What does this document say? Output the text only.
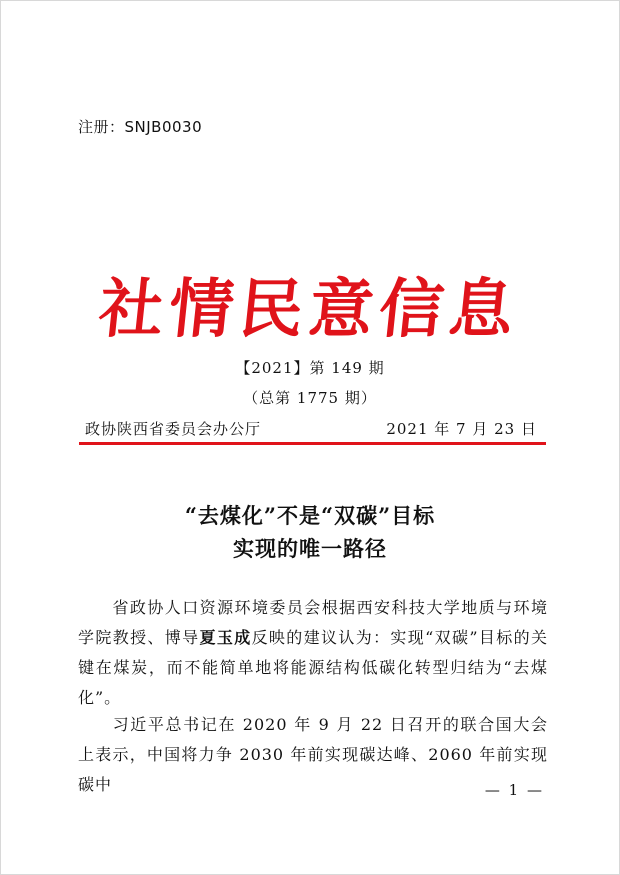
注册：SNJB0030
社情民意信息
【2021】第 149 期
（总第 1775 期）
政协陕西省委员会办公厅	2021 年 7 月 23 日
“去煤化”不是“双碳”目标
实现的唯一路径

省政协人口资源环境委员会根据西安科技大学地质与环境学院教授、博导夏玉成反映的建议认为：实现“双碳”目标的关键在煤炭，而不能简单地将能源结构低碳化转型归结为“去煤化”。

习近平总书记在 2020 年 9 月 22 日召开的联合国大会上表示，中国将力争 2030 年前实现碳达峰、2060 年前实现碳中	— 1 —
